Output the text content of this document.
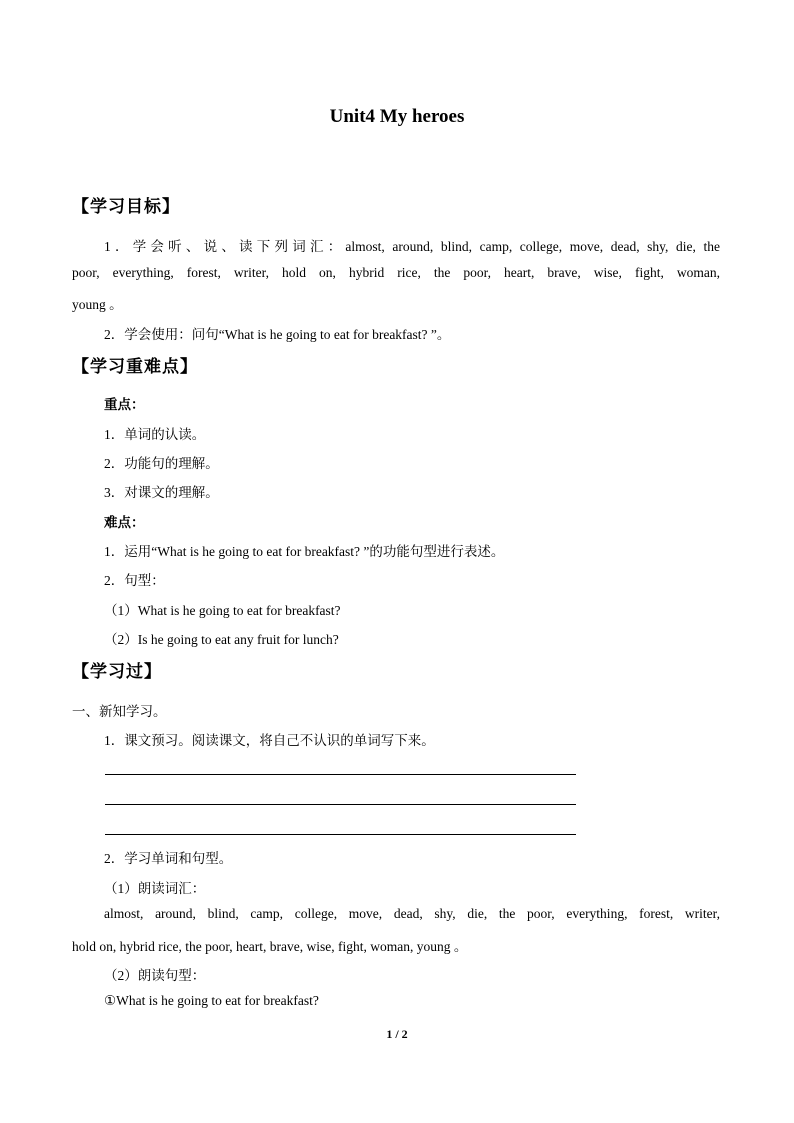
Unit4 My heroes
【学习目标】
1．学会听、说、读下列词汇：almost, around, blind, camp, college, move, dead, shy, die, the
poor, everything, forest, writer, hold on, hybrid rice, the poor, heart, brave, wise, fight, woman,
young 。
2．学会使用：问句“What is he going to eat for breakfast? ”。
【学习重难点】
重点：
1．单词的认读。
2．功能句的理解。
3．对课文的理解。
难点：
1．运用“What is he going to eat for breakfast? ”的功能句型进行表述。
2．句型：
（1）What is he going to eat for breakfast?
（2）Is he going to eat any fruit for lunch?
【学习过】
一、新知学习。
1．课文预习。阅读课文，将自己不认识的单词写下来。
2．学习单词和句型。
（1）朗读词汇：
almost, around, blind, camp, college, move, dead, shy, die, the poor, everything, forest, writer,
hold on, hybrid rice, the poor, heart, brave, wise, fight, woman, young 。
（2）朗读句型：
①What is he going to eat for breakfast?
1 / 2
